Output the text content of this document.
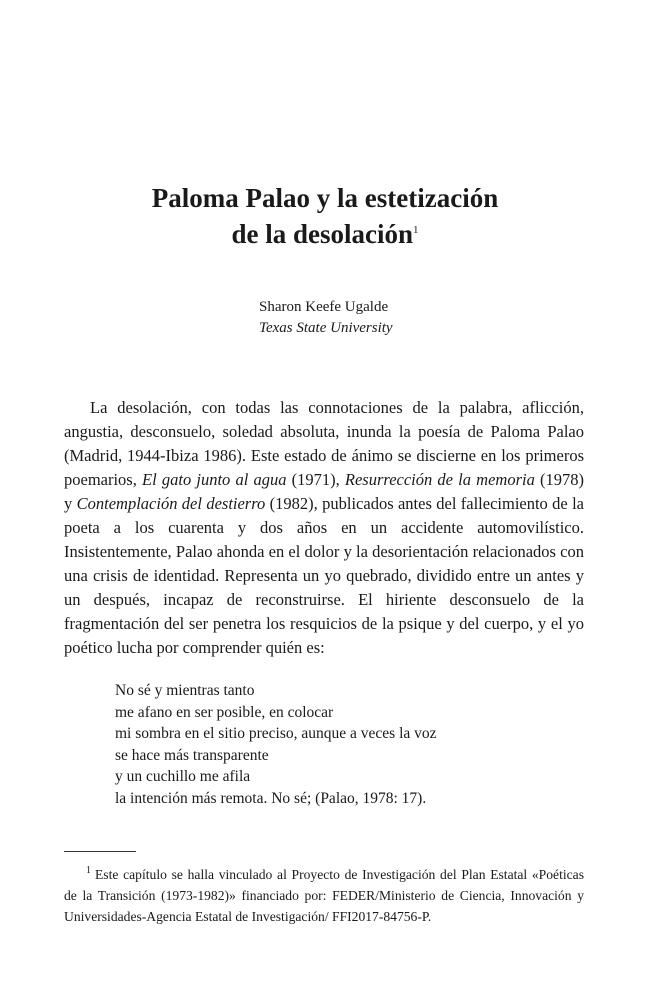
Paloma Palao y la estetización
de la desolación$^1$
Sharon Keefe Ugalde
Texas State University

La desolación, con todas las connotaciones de la palabra, aflicción, angustia, desconsuelo, soledad absoluta, inunda la poesía de Paloma Palao (Madrid, 1944-Ibiza 1986). Este estado de ánimo se discierne en los primeros poemarios, El gato junto al agua (1971), Resurrección de la memoria (1978) y Contemplación del destierro (1982), publicados antes del fallecimiento de la poeta a los cuarenta y dos años en un accidente automovilístico. Insistentemente, Palao ahonda en el dolor y la desorientación relacionados con una crisis de identidad. Representa un yo quebrado, dividido entre un antes y un después, incapaz de reconstruirse. El hiriente desconsuelo de la fragmentación del ser penetra los resquicios de la psique y del cuerpo, y el yo poético lucha por comprender quién es:

No sé y mientras tanto
me afano en ser posible, en colocar
mi sombra en el sitio preciso, aunque a veces la voz
se hace más transparente
y un cuchillo me afila
la intención más remota. No sé; (Palao, 1978: 17).

$^1$ Este capítulo se halla vinculado al Proyecto de Investigación del Plan Estatal «Poéticas de la Transición (1973-1982)» financiado por: FEDER/Ministerio de Ciencia, Innovación y Universidades-Agencia Estatal de Investigación/ FFI2017-84756-P.
